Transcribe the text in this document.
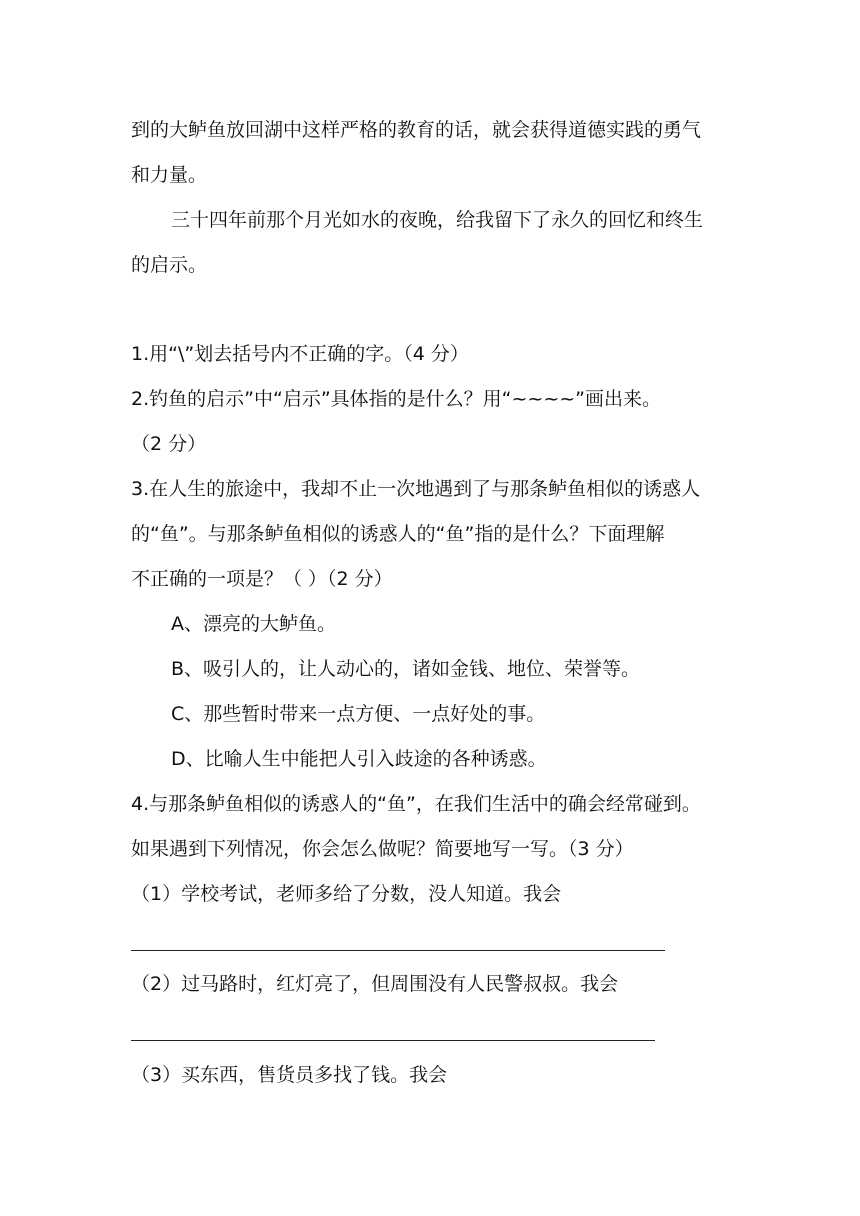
到的大鲈鱼放回湖中这样严格的教育的话，就会获得道德实践的勇气
和力量。
三十四年前那个月光如水的夜晚，给我留下了永久的回忆和终生
的启示。
1.用“\”划去括号内不正确的字。（4 分）
2.钓鱼的启示”中“启示”具体指的是什么？用“~~~~”画出来。
（2 分）
3.在人生的旅途中，我却不止一次地遇到了与那条鲈鱼相似的诱惑人
的“鱼”。与那条鲈鱼相似的诱惑人的“鱼”指的是什么？下面理解
不正确的一项是？（ ）（2 分）
A、漂亮的大鲈鱼。
B、吸引人的，让人动心的，诸如金钱、地位、荣誉等。
C、那些暂时带来一点方便、一点好处的事。
D、比喻人生中能把人引入歧途的各种诱惑。
4.与那条鲈鱼相似的诱惑人的“鱼”，在我们生活中的确会经常碰到。
如果遇到下列情况，你会怎么做呢？简要地写一写。（3 分）
（1）学校考试，老师多给了分数，没人知道。我会
（2）过马路时，红灯亮了，但周围没有人民警叔叔。我会
（3）买东西，售货员多找了钱。我会
